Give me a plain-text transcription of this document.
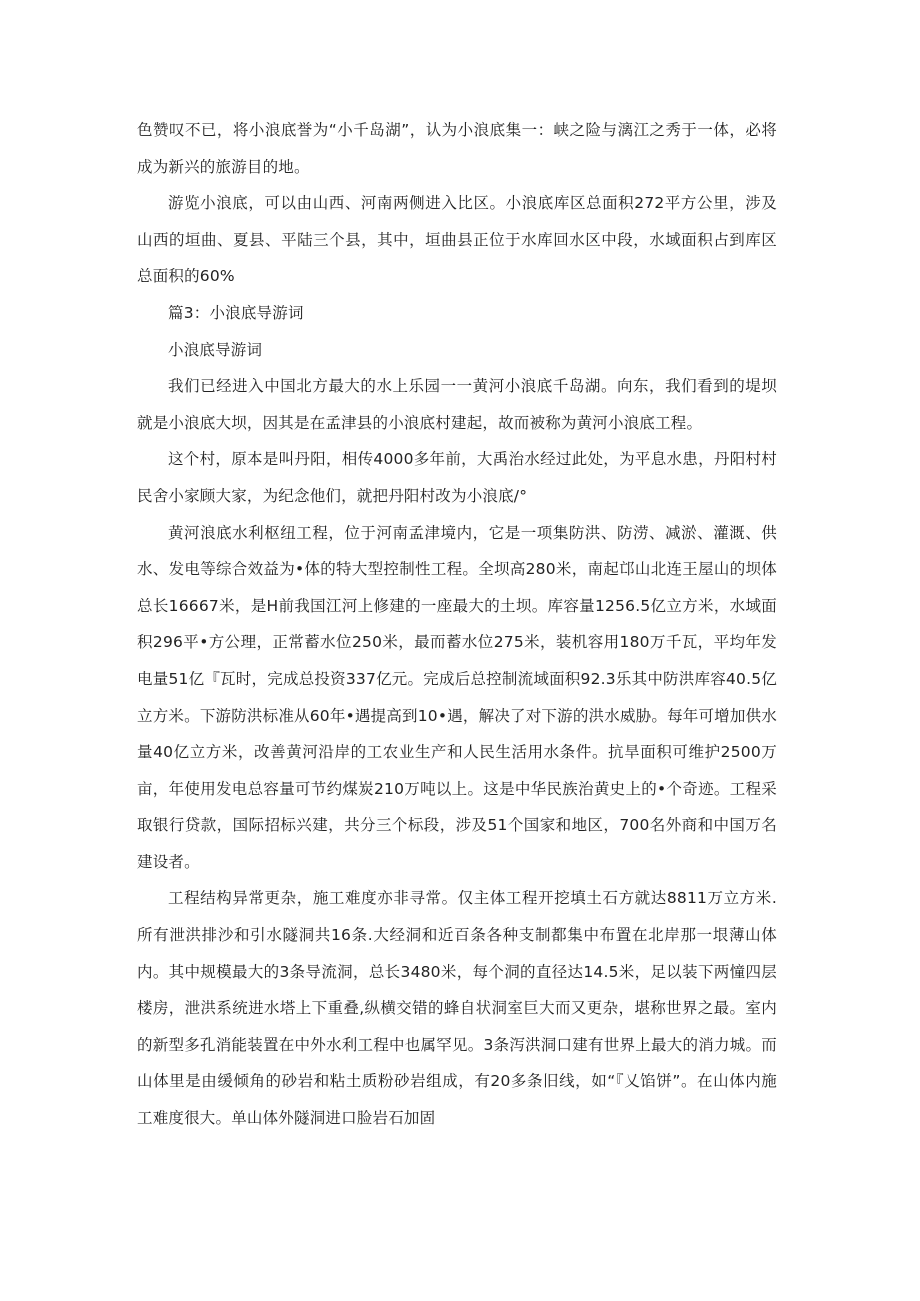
色赞叹不已，将小浪底誉为“小千岛湖”，认为小浪底集一：峡之险与漓江之秀于一体，必将成为新兴的旅游目的地。

游览小浪底，可以由山西、河南两侧进入比区。小浪底库区总面积272平方公里，涉及山西的垣曲、夏县、平陆三个县，其中，垣曲县正位于水库回水区中段，水域面积占到库区总面积的60%

篇3：小浪底导游词

小浪底导游词

我们已经进入中国北方最大的水上乐园一一黄河小浪底千岛湖。向东，我们看到的堤坝就是小浪底大坝，因其是在孟津县的小浪底村建起，故而被称为黄河小浪底工程。

这个村，原本是叫丹阳，相传4000多年前，大禹治水经过此处，为平息水患，丹阳村村民舍小家顾大家，为纪念他们，就把丹阳村改为小浪底/°

黄河浪底水利枢纽工程，位于河南孟津境内，它是一项集防洪、防涝、减淤、灌溉、供水、发电等综合效益为•体的特大型控制性工程。全坝高280米，南起邙山北连王屋山的坝体总长16667米，是H前我国江河上修建的一座最大的土坝。库容量1256.5亿立方米，水域面积296平•方公理，正常蓄水位250米，最而蓄水位275米，装机容用180万千瓦，平均年发电量51亿『瓦时，完成总投资337亿元。完成后总控制流域面积92.3乐其中防洪库容40.5亿立方米。下游防洪标准从60年•遇提高到10•遇，解决了对下游的洪水威胁。每年可增加供水量40亿立方米，改善黄河沿岸的工农业生产和人民生活用水条件。抗旱面积可维护2500万亩，年使用发电总容量可节约煤炭210万吨以上。这是中华民族治黄史上的•个奇迹。工程采取银行贷款，国际招标兴建，共分三个标段，涉及51个国家和地区，700名外商和中国万名建设者。

工程结构异常更杂，施工难度亦非寻常。仅主体工程开挖填土石方就达8811万立方米.所有泄洪排沙和引水隧洞共16条.大经洞和近百条各种支制都集中布置在北岸那一垠薄山体内。其中规模最大的3条导流洞，总长3480米，每个洞的直径达14.5米，足以装下两憧四层楼房，泄洪系统进水塔上下重叠,纵横交错的蜂自状洞室巨大而又更杂，堪称世界之最。室内的新型多孔消能装置在中外水利工程中也属罕见。3条泻洪洞口建有世界上最大的消力城。而山体里是由缓倾角的砂岩和粘土质粉砂岩组成，有20多条旧线，如“『乂馅饼”。在山体内施工难度很大。单山体外隧洞进口脸岩石加固
